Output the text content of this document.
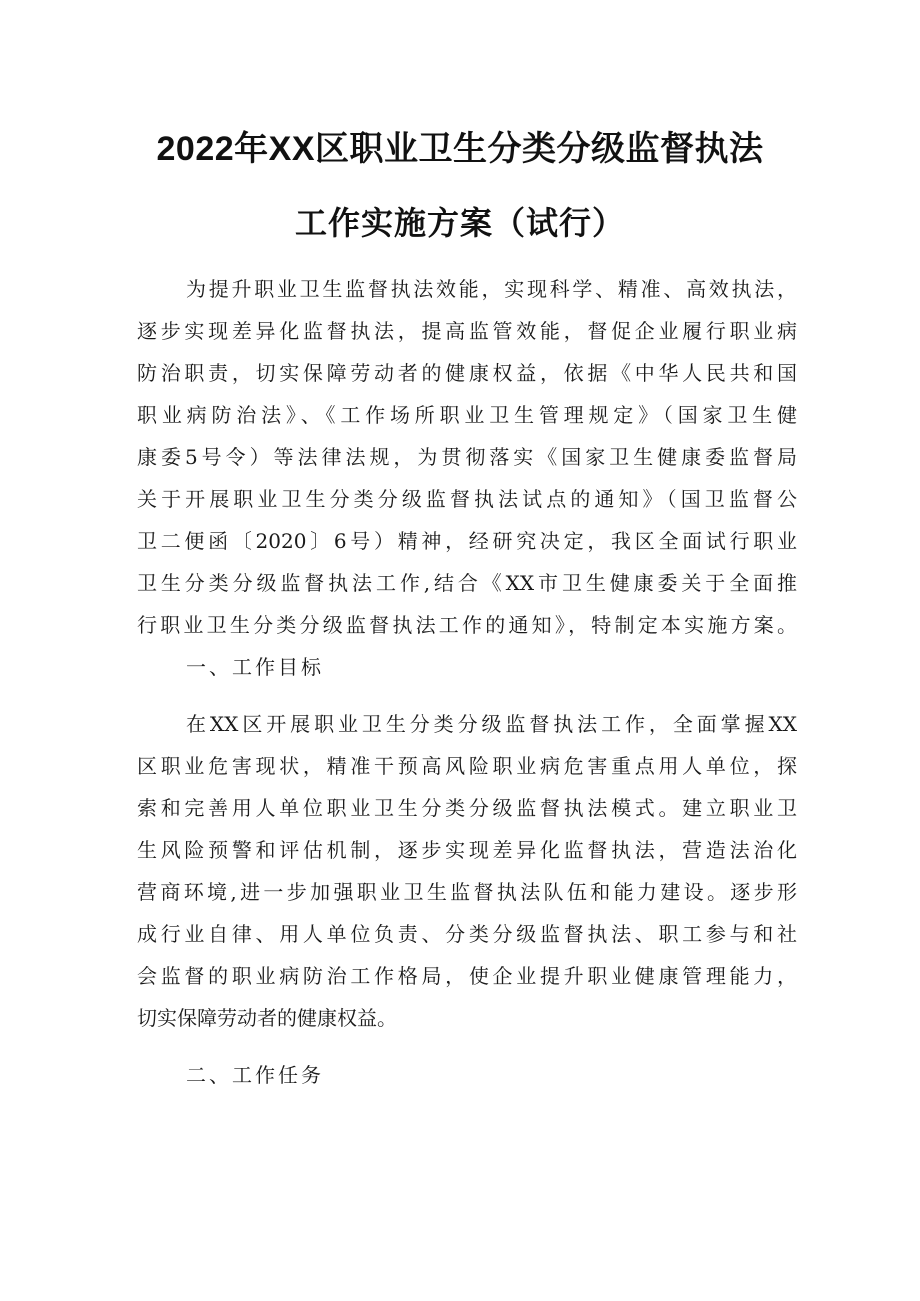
2022年XX区职业卫生分类分级监督执法
工作实施方案（试行）

为提升职业卫生监督执法效能，实现科学、精准、高效执法，

逐步实现差异化监督执法，提高监管效能，督促企业履行职业病

防治职责，切实保障劳动者的健康权益，依据《中华人民共和国

职业病防治法》、《工作场所职业卫生管理规定》（国家卫生健

康委5号令）等法律法规，为贯彻落实《国家卫生健康委监督局

关于开展职业卫生分类分级监督执法试点的通知》（国卫监督公

卫二便函〔2020〕6号）精神，经研究决定，我区全面试行职业

卫生分类分级监督执法工作,结合《XX市卫生健康委关于全面推

行职业卫生分类分级监督执法工作的通知》，特制定本实施方案。

一、工作目标

在XX区开展职业卫生分类分级监督执法工作，全面掌握XX

区职业危害现状，精准干预高风险职业病危害重点用人单位，探

索和完善用人单位职业卫生分类分级监督执法模式。建立职业卫

生风险预警和评估机制，逐步实现差异化监督执法，营造法治化

营商环境,进一步加强职业卫生监督执法队伍和能力建设。逐步形

成行业自律、用人单位负责、分类分级监督执法、职工参与和社

会监督的职业病防治工作格局，使企业提升职业健康管理能力，

切实保障劳动者的健康权益。

二、工作任务
